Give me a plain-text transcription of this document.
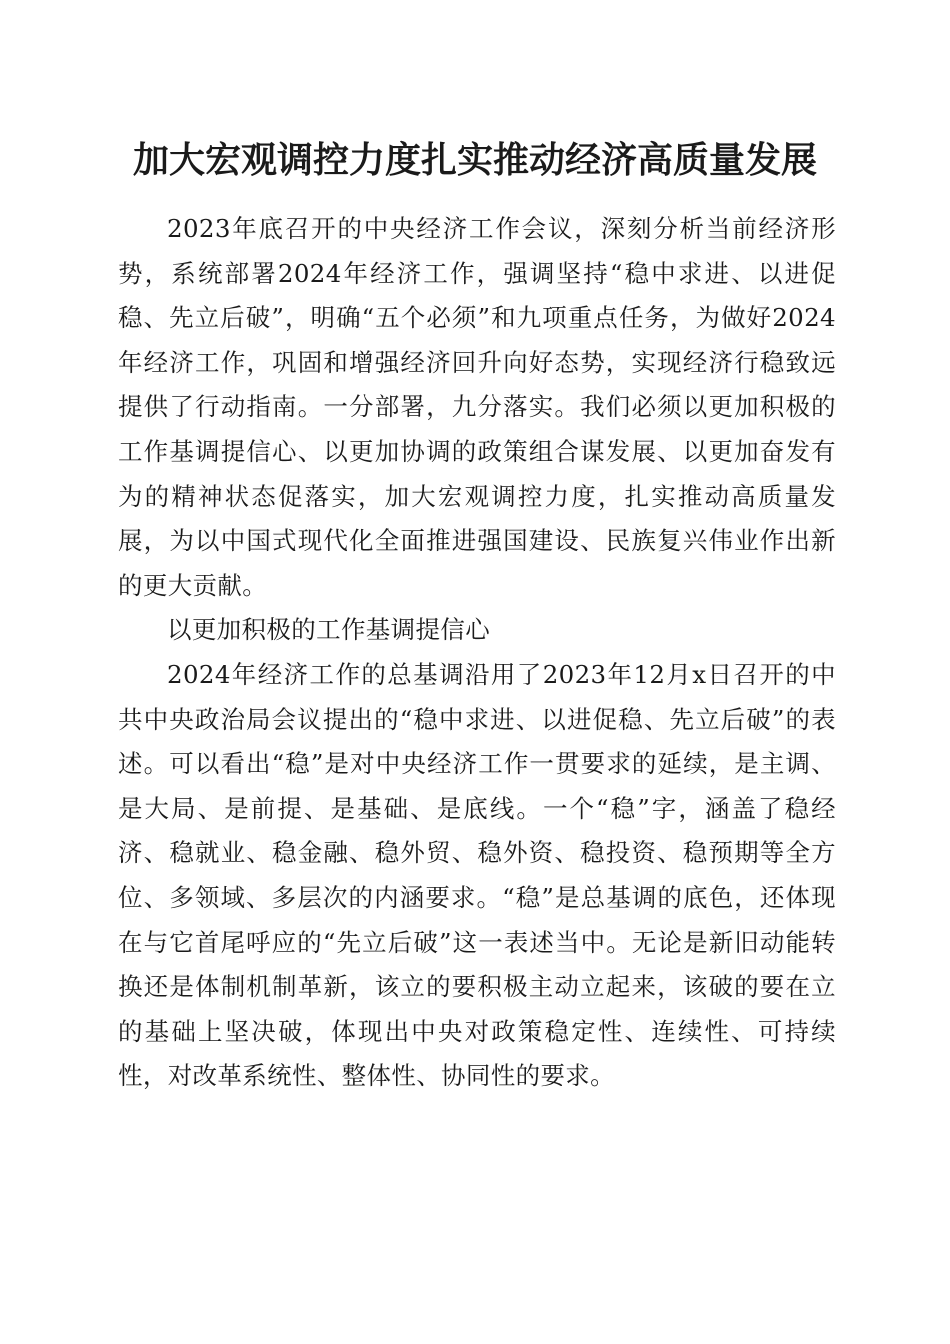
加大宏观调控力度扎实推动经济高质量发展

2023年底召开的中央经济工作会议，深刻分析当前经济形势，系统部署2024年经济工作，强调坚持“稳中求进、以进促稳、先立后破”，明确“五个必须”和九项重点任务，为做好2024年经济工作，巩固和增强经济回升向好态势，实现经济行稳致远提供了行动指南。一分部署，九分落实。我们必须以更加积极的工作基调提信心、以更加协调的政策组合谋发展、以更加奋发有为的精神状态促落实，加大宏观调控力度，扎实推动高质量发展，为以中国式现代化全面推进强国建设、民族复兴伟业作出新的更大贡献。

以更加积极的工作基调提信心

2024年经济工作的总基调沿用了2023年12月x日召开的中共中央政治局会议提出的“稳中求进、以进促稳、先立后破”的表述。可以看出“稳”是对中央经济工作一贯要求的延续，是主调、是大局、是前提、是基础、是底线。一个“稳”字，涵盖了稳经济、稳就业、稳金融、稳外贸、稳外资、稳投资、稳预期等全方位、多领域、多层次的内涵要求。“稳”是总基调的底色，还体现在与它首尾呼应的“先立后破”这一表述当中。无论是新旧动能转换还是体制机制革新，该立的要积极主动立起来，该破的要在立的基础上坚决破，体现出中央对政策稳定性、连续性、可持续性，对改革系统性、整体性、协同性的要求。
